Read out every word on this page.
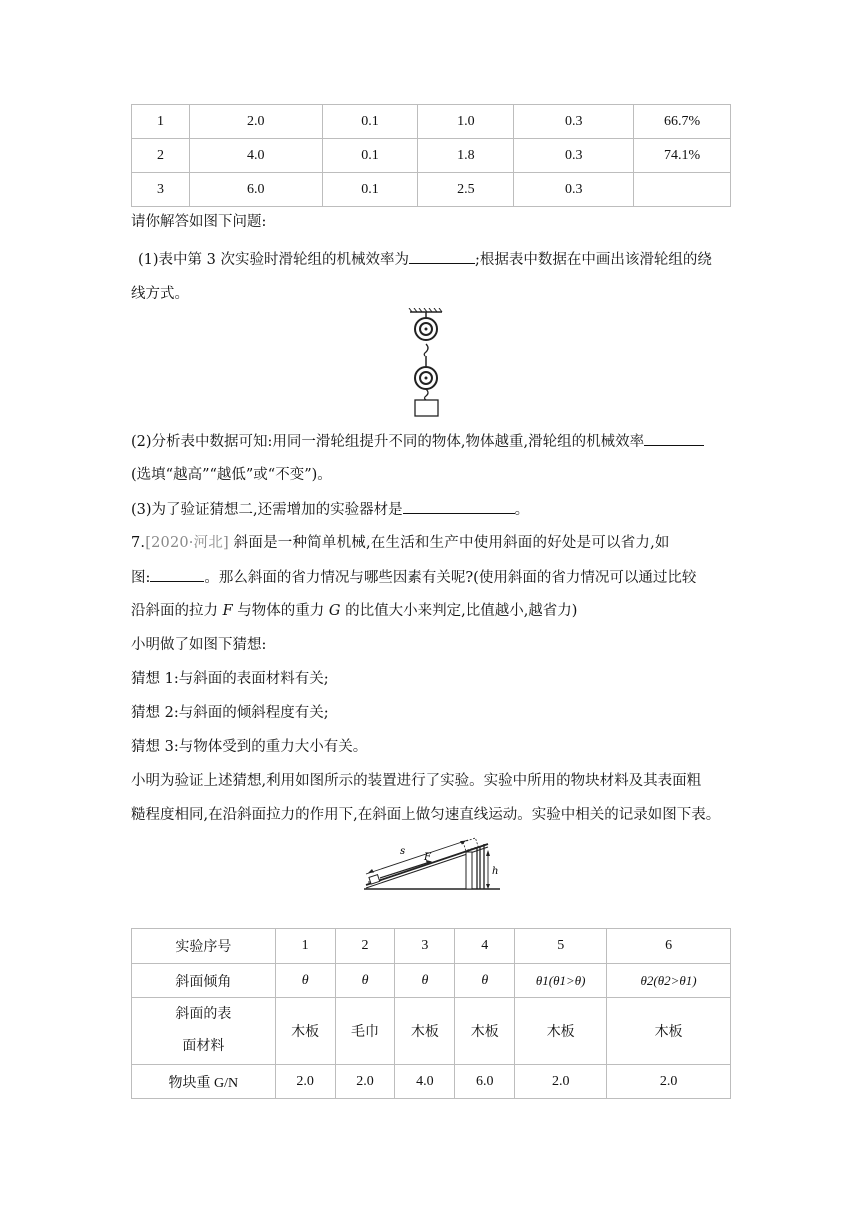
1	2.0	0.1	1.0	0.3	66.7%
2	4.0	0.1	1.8	0.3	74.1%
3	6.0	0.1	2.5	0.3	
请你解答如图下问题:
(1)表中第 3 次实验时滑轮组的机械效率为	;根据表中数据在中画出该滑轮组的绕
线方式。
(2)分析表中数据可知:用同一滑轮组提升不同的物体,物体越重,滑轮组的机械效率
(选填“越高”“越低”或“不变”)。
(3)为了验证猜想二,还需增加的实验器材是	。
7.[2020·河北] 斜面是一种简单机械,在生活和生产中使用斜面的好处是可以省力,如
图:	。那么斜面的省力情况与哪些因素有关呢?(使用斜面的省力情况可以通过比较
沿斜面的拉力 F 与物体的重力 G 的比值大小来判定,比值越小,越省力)
小明做了如图下猜想:
猜想 1:与斜面的表面材料有关;
猜想 2:与斜面的倾斜程度有关;
猜想 3:与物体受到的重力大小有关。
小明为验证上述猜想,利用如图所示的装置进行了实验。实验中所用的物块材料及其表面粗
糙程度相同,在沿斜面拉力的作用下,在斜面上做匀速直线运动。实验中相关的记录如图下表。
s
F
h
实验序号	1	2	3	4	5	6
斜面倾角	θ	θ	θ	θ	θ1(θ1>θ)	θ2(θ2>θ1)

斜面的表
面材料	木板	毛巾	木板	木板	木板	木板
物块重 G/N	2.0	2.0	4.0	6.0	2.0	2.0
